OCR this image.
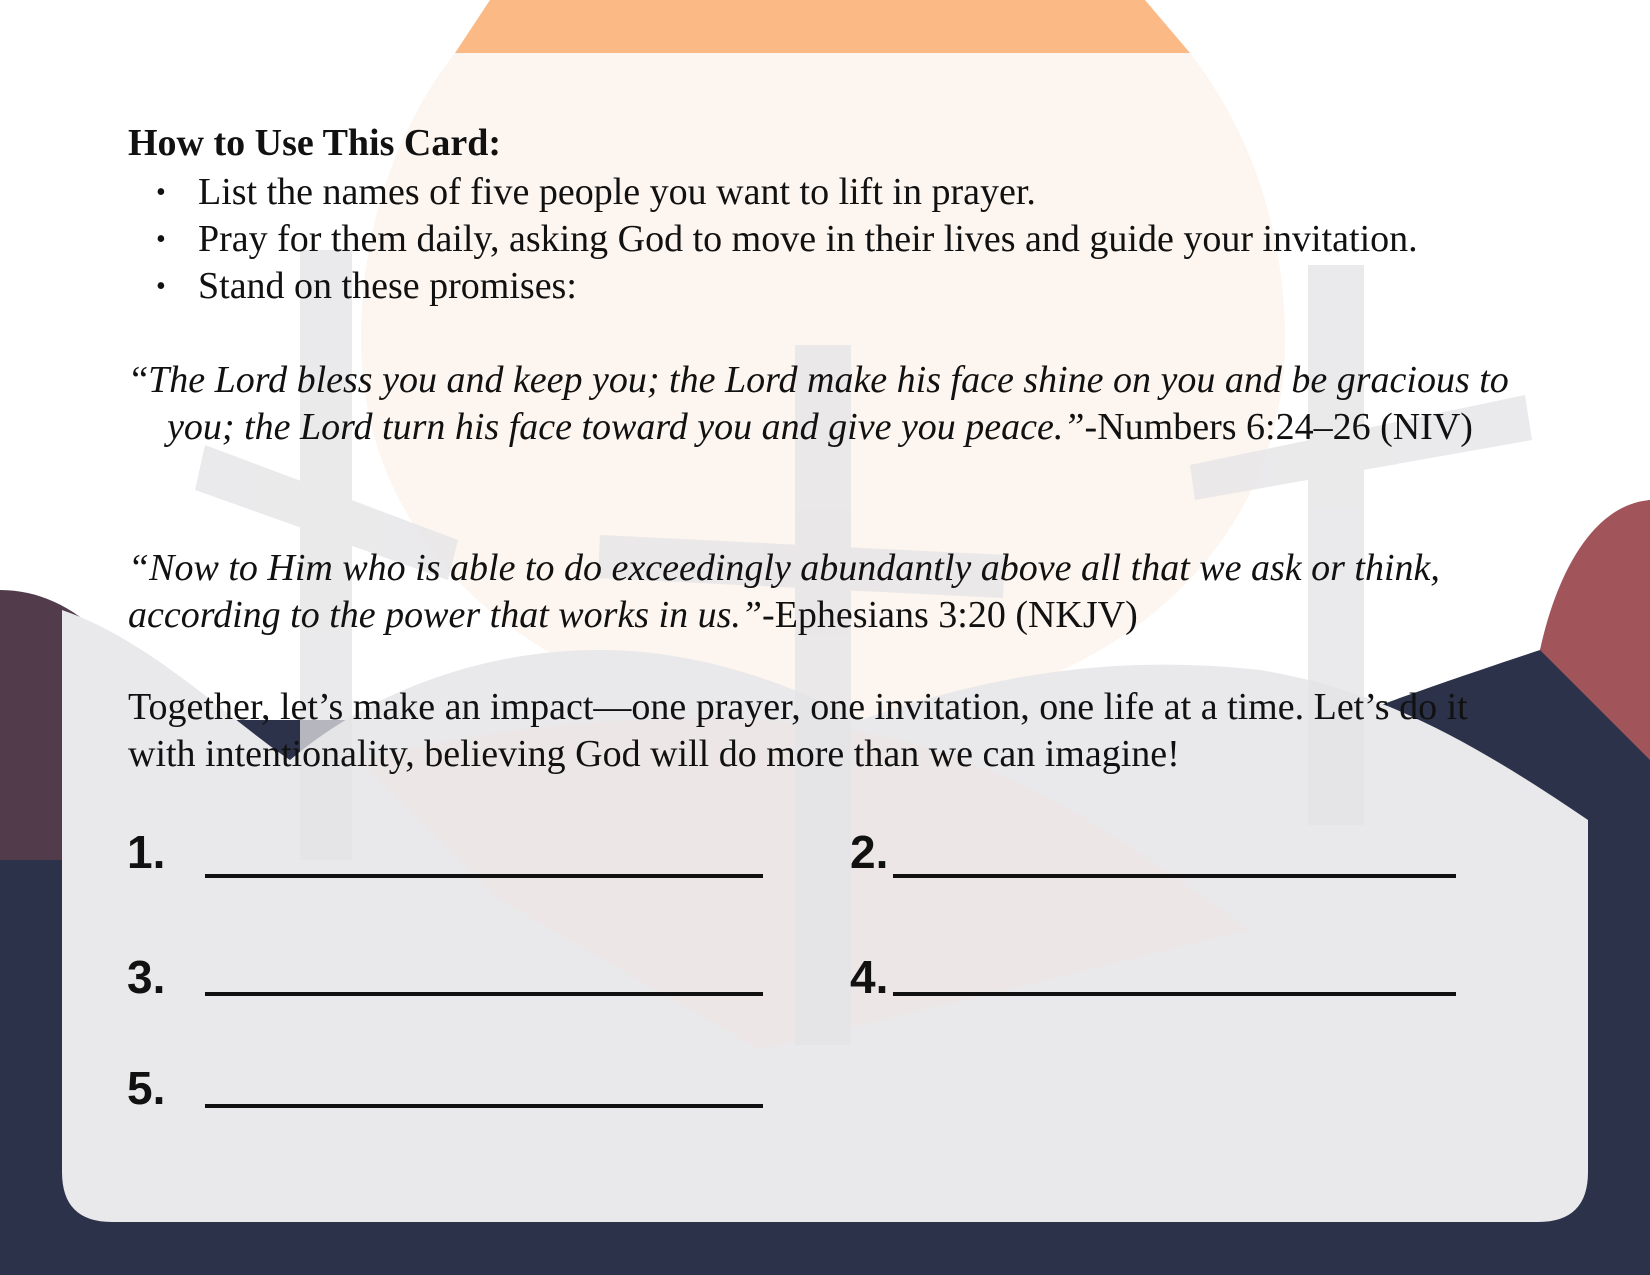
How to Use This Card:
• List the names of five people you want to lift in prayer.
• Pray for them daily, asking God to move in their lives and guide your invitation.
• Stand on these promises:

“The Lord bless you and keep you; the Lord make his face shine on you and be gracious to you; the Lord turn his face toward you and give you peace.”-Numbers 6:24–26 (NIV)

“Now to Him who is able to do exceedingly abundantly above all that we ask or think, according to the power that works in us.”-Ephesians 3:20 (NKJV)

Together, let’s make an impact—one prayer, one invitation, one life at a time. Let’s do it with intentionality, believing God will do more than we can imagine!

1.	2.
3.	4.
5.
